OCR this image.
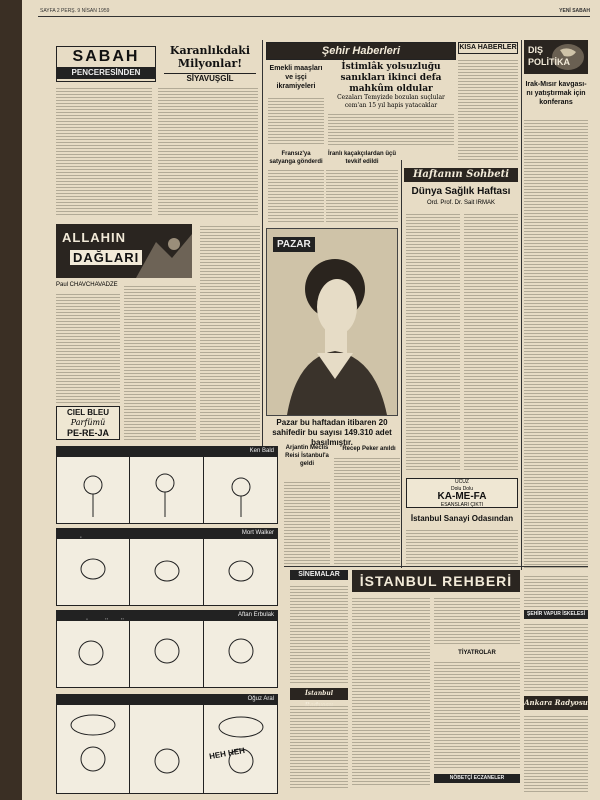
SAYFA 2 PERŞ. 9 NİSAN 1959	YENİ SABAH
SABAH
PENCERESİNDEN
Karanlıkdaki Milyonlar!
SİYAVUŞGİL
ALLAHIN
DAĞLARI
Paul CHAVCHAVADZE
CIEL BLEU
Parfümü
PE-RE-JA
Şehir Haberleri
Emekli maaşları ve işçi ikramiyeleri
İstimlâk yolsuzluğu sanıkları ikinci defa mahkûm oldular
Cezaları Temyizde bozulan suçlular cem'an 15 yıl hapis yatacaklar
Fransız'ya satyanga gönderdi
İranlı kaçakçılardan üçü tevkif edildi
PAZAR
Pazar bu haftadan itibaren 20 sahifedir bu sayısı 149.310 adet basılmıştır.
Arjantin Meclis Reisi İstanbul'a geldi
Recep Peker anıldı
KISA HABERLER DIŞ POLİTİKA
Irak-Mısır kavgası-nı yatıştırmak için konferans
Haftanın Sohbeti
Dünya Sağlık Haftası
Ord. Prof. Dr. Sait IRMAK
UCUZ
Dolu Dolu
KA-ME-FA
ESANSLARI ÇIKTI
İstanbul Sanayi Odasından
Ken Bald
Mort Walker
Aftan Erbulak
Oğuz Aral
HEH HEH
SİNEMALAR	İSTANBUL REHBERİ
TİYATROLAR
NÖBETÇİ ECZANELER
İstanbul
ŞEHİR VAPUR İSKELESİ
Ankara Radyosu
